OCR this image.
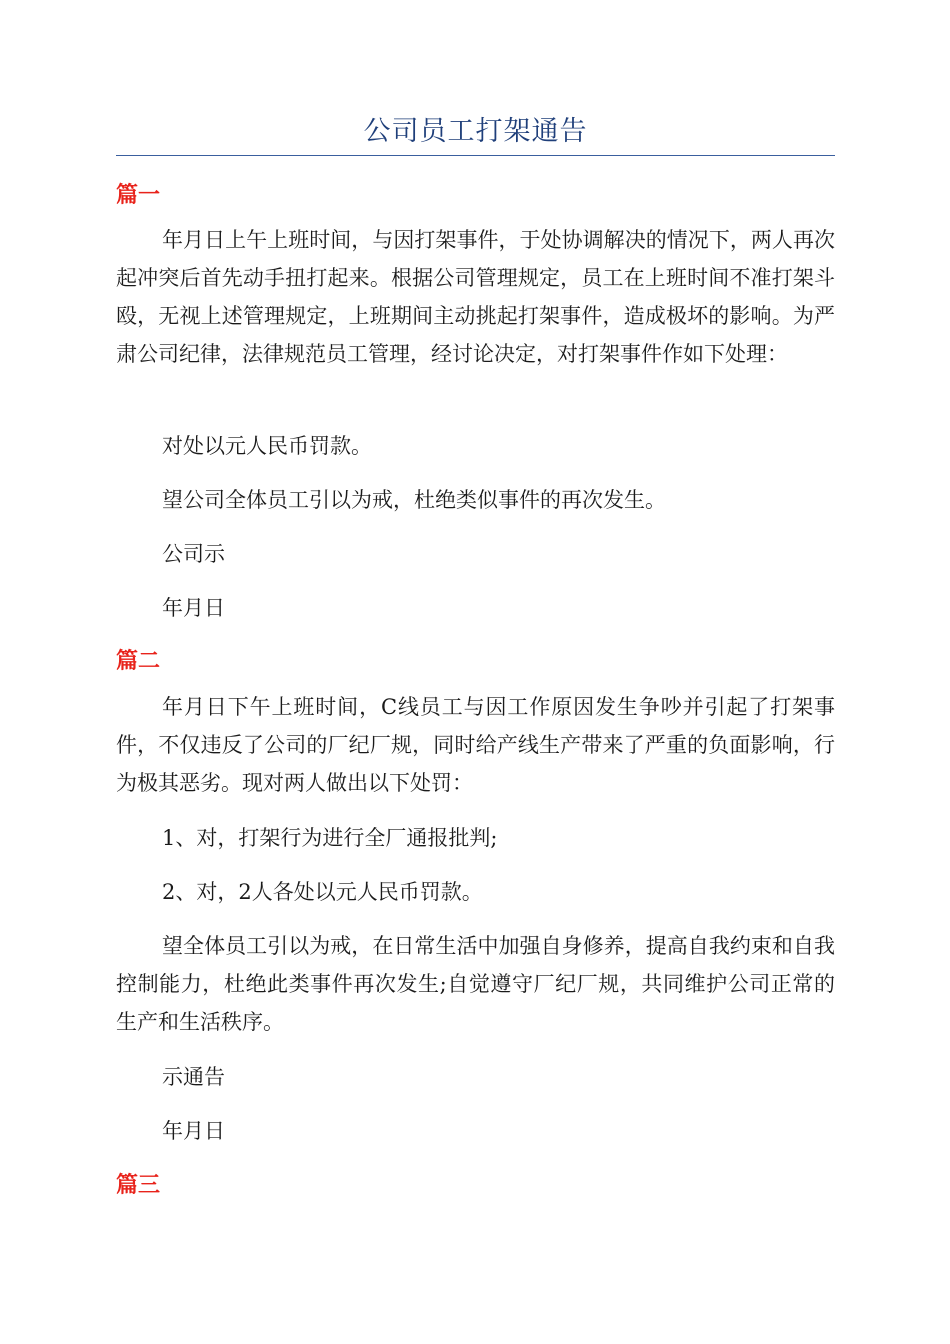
公司员工打架通告
篇一

年月日上午上班时间，与因打架事件，于处协调解决的情况下，两人再次起冲突后首先动手扭打起来。根据公司管理规定，员工在上班时间不准打架斗殴，无视上述管理规定，上班期间主动挑起打架事件，造成极坏的影响。为严肃公司纪律，法律规范员工管理，经讨论决定，对打架事件作如下处理：

对处以元人民币罚款。
望公司全体员工引以为戒，杜绝类似事件的再次发生。
公司示
年月日
篇二

年月日下午上班时间，C线员工与因工作原因发生争吵并引起了打架事件，不仅违反了公司的厂纪厂规，同时给产线生产带来了严重的负面影响，行为极其恶劣。现对两人做出以下处罚：

1、对，打架行为进行全厂通报批判;
2、对，2人各处以元人民币罚款。

望全体员工引以为戒，在日常生活中加强自身修养，提高自我约束和自我控制能力，杜绝此类事件再次发生;自觉遵守厂纪厂规，共同维护公司正常的生产和生活秩序。

示通告
年月日
篇三
